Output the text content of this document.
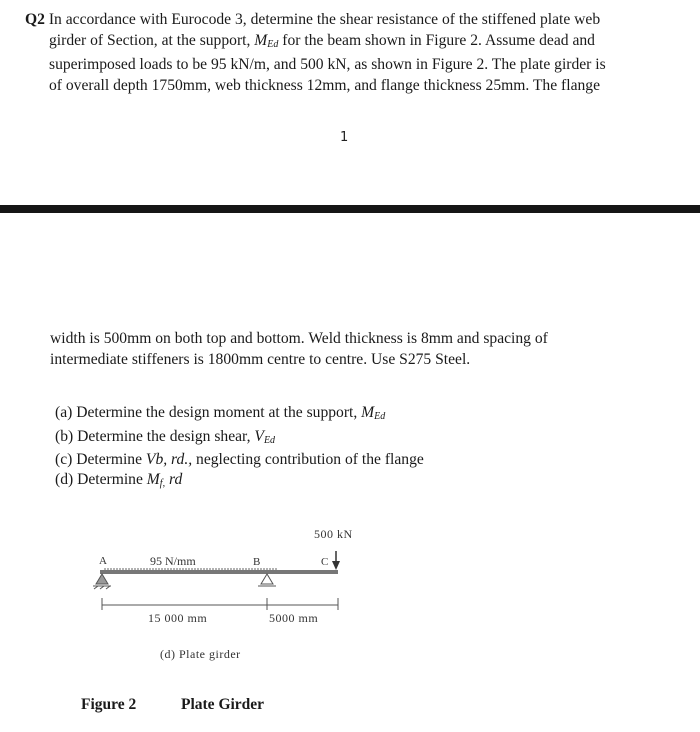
Q2 In accordance with Eurocode 3, determine the shear resistance of the stiffened plate web
girder of Section, at the support, $M_{Ed}$ for the beam shown in Figure 2. Assume dead and
superimposed loads to be 95 kN/m, and 500 kN, as shown in Figure 2. The plate girder is
of overall depth 1750mm, web thickness 12mm, and flange thickness 25mm. The flange
1
width is 500mm on both top and bottom. Weld thickness is 8mm and spacing of
intermediate stiffeners is 1800mm centre to centre. Use S275 Steel.
(a) Determine the design moment at the support, $M_{Ed}$
(b) Determine the design shear, $V_{Ed}$
(c) Determine Vb, rd., neglecting contribution of the flange
(d) Determine $M_{f,}$ rd
500 kN
A	95 N/mm	B	C
15 000 mm	5000 mm
(d) Plate girder
Figure 2	Plate Girder
